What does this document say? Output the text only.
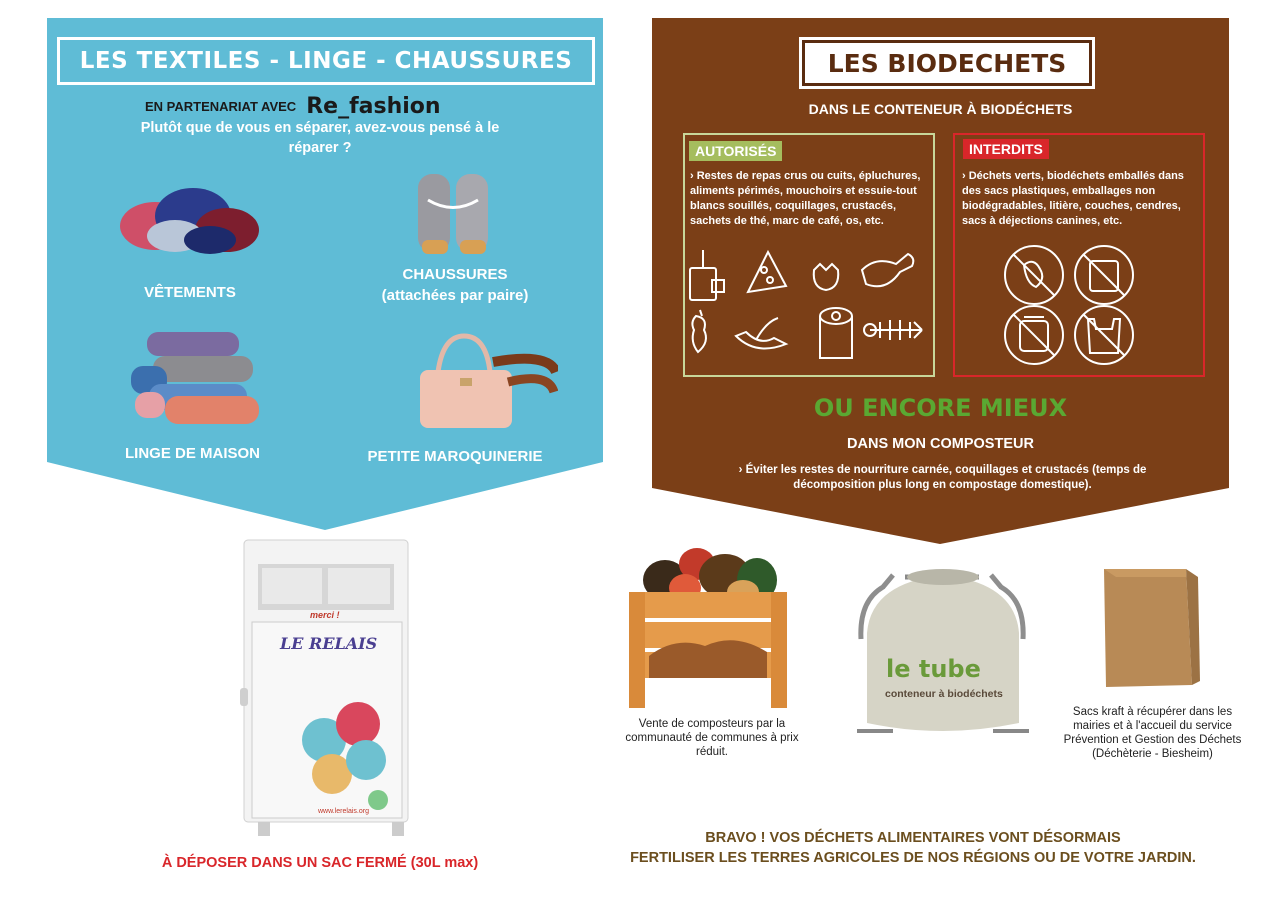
LES TEXTILES - LINGE - CHAUSSURES
EN PARTENARIAT AVEC Re_fashion
Plutôt que de vous en séparer, avez-vous pensé à le réparer ?
VÊTEMENTS
CHAUSSURES
(attachées par paire)
LINGE DE MAISON	PETITE MAROQUINERIE
merci !
LE RELAIS
www.lerelais.org
À DÉPOSER DANS UN SAC FERMÉ (30L max)
LES BIODECHETS
DANS LE CONTENEUR À BIODÉCHETS
AUTORISÉS
› Restes de repas crus ou cuits, épluchures, aliments périmés, mouchoirs et essuie-tout blancs souillés, coquillages, crustacés, sachets de thé, marc de café, os, etc.
INTERDITS
› Déchets verts, biodéchets emballés dans des sacs plastiques, emballages non biodégradables, litière, couches, cendres, sacs à déjections canines, etc.
OU ENCORE MIEUX
DANS MON COMPOSTEUR
› Éviter les restes de nourriture carnée, coquillages et crustacés (temps de décomposition plus long en compostage domestique).
Vente de composteurs par la communauté de communes à prix réduit.
le tube
conteneur à biodéchets
Sacs kraft à récupérer dans les mairies et à l'accueil du service Prévention et Gestion des Déchets (Déchèterie - Biesheim)
BRAVO ! VOS DÉCHETS ALIMENTAIRES VONT DÉSORMAIS
FERTILISER LES TERRES AGRICOLES DE NOS RÉGIONS OU DE VOTRE JARDIN.
